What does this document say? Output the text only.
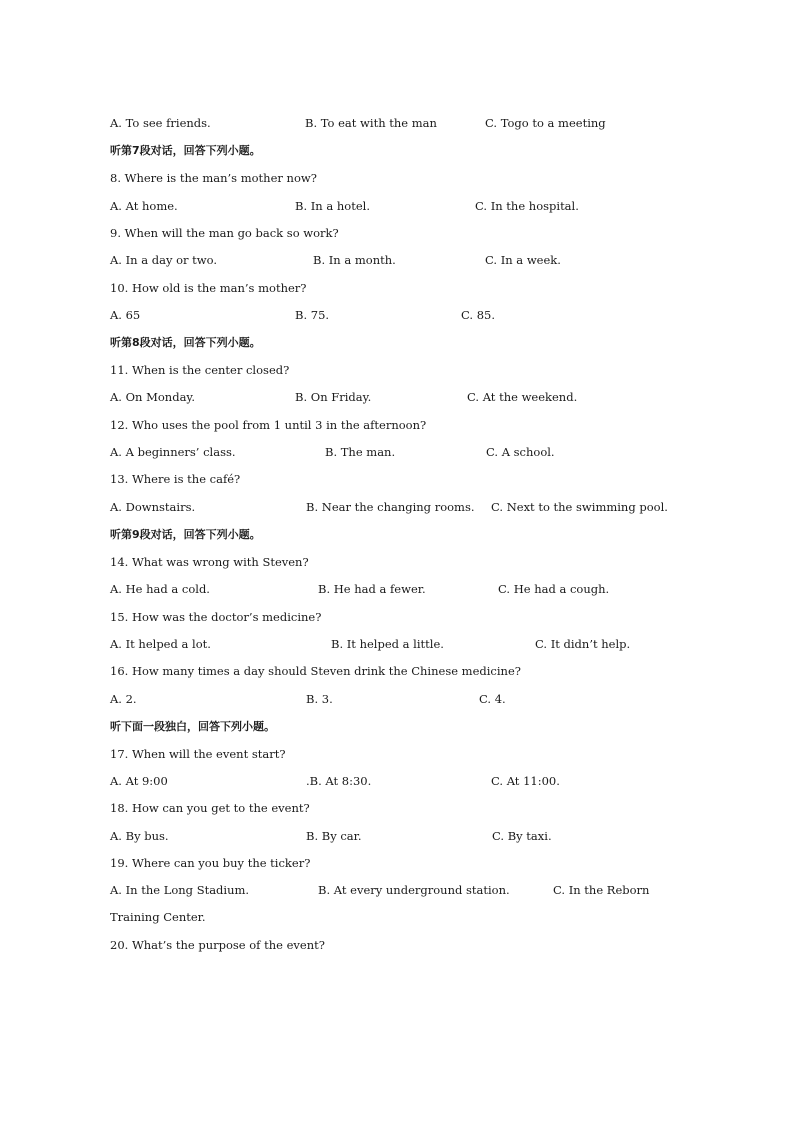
A. To see friends.	B. To eat with the man	C. Togo to a meeting
听第7段对话，回答下列小题。
8. Where is the man’s mother now?
A. At home.	B. In a hotel.	C. In the hospital.
9. When will the man go back so work?
A. In a day or two.	B. In a month.	C. In a week.
10. How old is the man’s mother?
A. 65	B. 75.	C. 85.
听第8段对话，回答下列小题。
11. When is the center closed?
A. On Monday.	B. On Friday.	C. At the weekend.
12. Who uses the pool from 1 until 3 in the afternoon?
A. A beginners’ class.	B. The man.	C. A school.
13. Where is the café?
A. Downstairs.	B. Near the changing rooms. C. Next to the swimming pool.
听第9段对话，回答下列小题。
14. What was wrong with Steven?
A. He had a cold.	B. He had a fewer.	C. He had a cough.
15. How was the doctor’s medicine?
A. It helped a lot.	B. It helped a little.	C. It didn’t help.
16. How many times a day should Steven drink the Chinese medicine?
A. 2.	B. 3.	C. 4.
听下面一段独白，回答下列小题。
17. When will the event start?
A. At 9:00	.B. At 8:30.	C. At 11:00.
18. How can you get to the event?
A. By bus.	B. By car.	C. By taxi.
19. Where can you buy the ticker?
A. In the Long Stadium.	B. At every underground station.	C. In the Reborn
Training Center.
20. What’s the purpose of the event?
